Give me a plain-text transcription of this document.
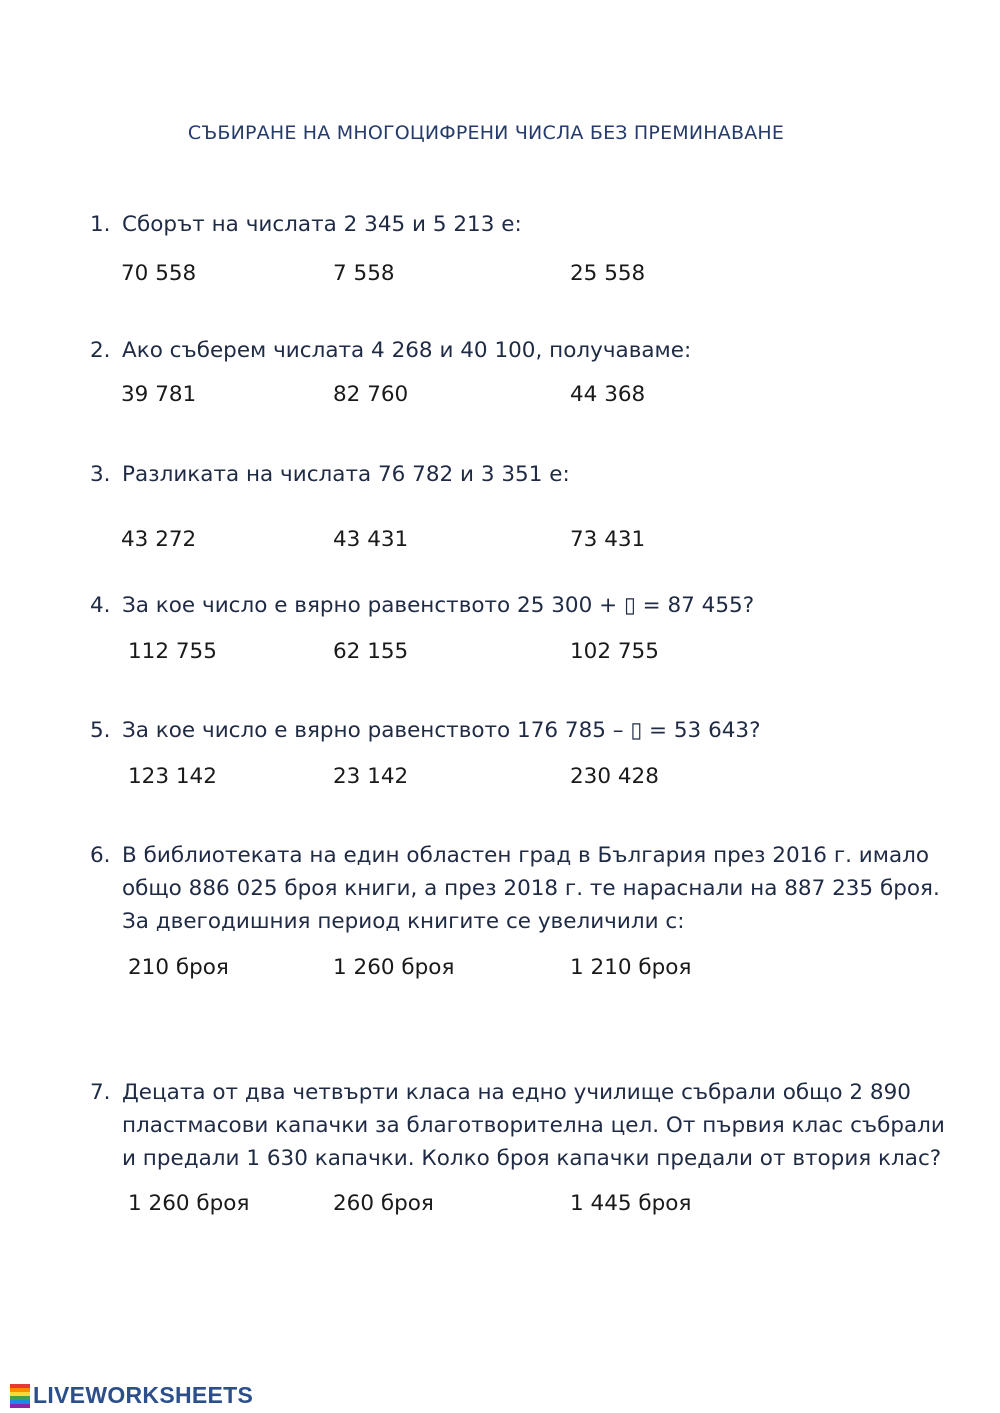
СЪБИРАНЕ НА МНОГОЦИФРЕНИ ЧИСЛА БЕЗ ПРЕМИНАВАНЕ
1. Сборът на числата 2 345 и 5 213 е:
70 558	7 558	25 558
2. Ако съберем числата 4 268 и 40 100, получаваме:
39 781	82 760	44 368
3. Разликата на числата 76 782 и 3 351 е:
43 272	43 431	73 431
4. За кое число е вярно равенството 25 300 + ▯ = 87 455?
112 755	62 155	102 755
5. За кое число е вярно равенството 176 785 – ▯ = 53 643?
123 142	23 142	230 428
6. В библиотеката на един областен град в България през 2016 г. имало
общо 886 025 броя книги, а през 2018 г. те нараснали на 887 235 броя.
За двегодишния период книгите се увеличили с:
210 броя	1 260 броя	1 210 броя
7. Децата от два четвърти класа на едно училище събрали общо 2 890
пластмасови капачки за благотворителна цел. От първия клас събрали
и предали 1 630 капачки. Колко броя капачки предали от втория клас?
1 260 броя	260 броя	1 445 броя
LIVEWORKSHEETS
